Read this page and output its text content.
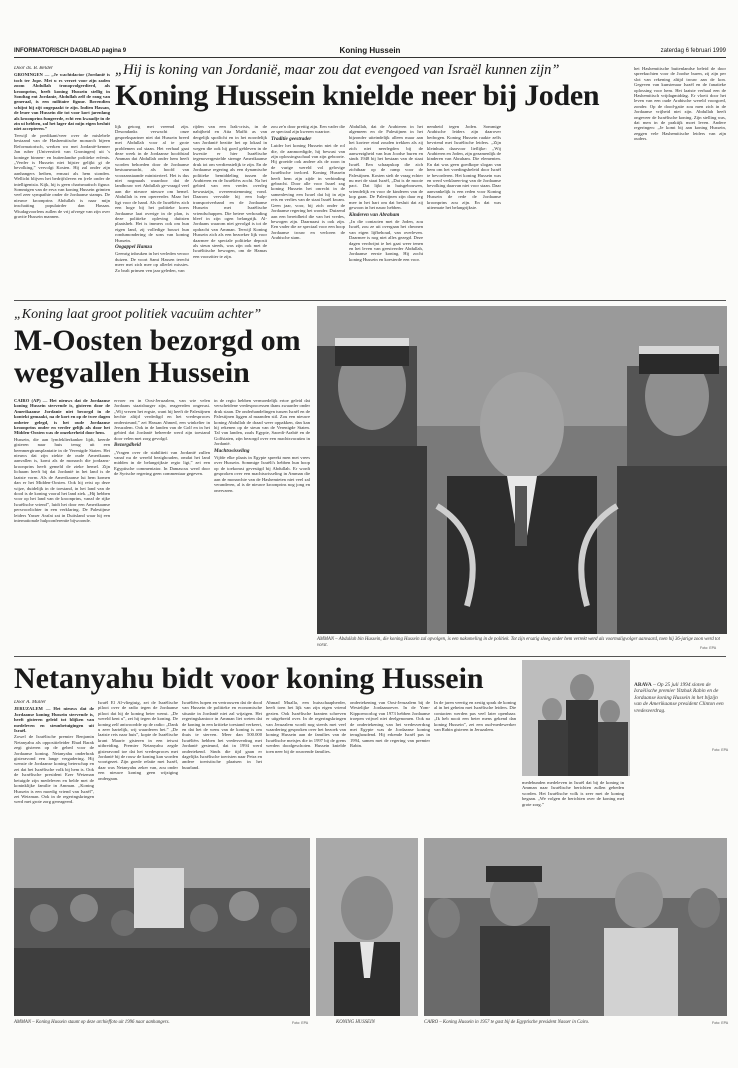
INFORMATORISCH DAGBLAD pagina 9	Koning Hussein	zaterdag 6 februari 1999
Door ds. B. Belder

GRONINGEN — „Je wachtdactor (Jordanië is toch ter Jope. Met u rs verzet voor zijn zaden zoom Abdullah tronopvolgerdierd, als kroonprins, heeft koning Hussein stellig in Sondtag ent Jordanie, Abdullah zelf de rang van generaal, is een militaire figuur. Bovendien schijnt hij zijt ongepaakt te zijn. Indien Hassan, de leuer van Hussein die tot voor kort jarenlang als kroonprins fungeerde, echt een kwaadje in de zin ui hebben, zal het lager dat mijn eigen besluit niet accepteren.”

Terwijl de predikant/veer over de mislebele bestaand van de Hashemitische monarch bijeen Reformatorisch, werken wo met Jordanië-kenner Jan ruber (Universiteit van Groningen) uit 's koninge binnen- en buitenlandse politieke erfenis. „Verder is Hussein niet bijster gelijkt gi de bevolking,” vervolgt Kosten. Hij zal onder zijn aanhangers hetben, ermazi als hem stonden. Wellicht blijven het bedrijfsleven en (rele onder de intelligentsia. Kijk, hij is geen charismatisch figuur. Sommigen van de erva van koning Hussein grimten veel zeer sympathie onder de Jordaanse stamps. De nieuwe kroonprins Abdullah is naar mijn inschatting populairder dan Hassan. Wiudagvoorlens zullen de vrij afvrege van zijn over gravite Hussein mannen.

„Hij is koning van Jordanië, maar zou dat evengoed van Israël kunnen zijn”
Koning Hussein knielde neer bij Joden

lijk getoog met vreemd zijn. Desondanks verwacht onze gesprekspartner niet dat Hussein breed met Abdullah voor al te grote problemen zal staan. Het verhaal gaat deze week in de Jordaanse hoofdstad Amman dat Abdullah onder hem heeft worden behoeden door de Jordaanse bestuursmacht, als hoofd van vooraanstaande ministerieel. Het is dus niet nogmaals waardoor dat de landbouw wet Abdullah ge-vraagd veel aan die nieuwe nieuwe om hemel. Abdullah is een opereerder. Maar het ligt voor de hand. Als de Israëliërs zich een hoge bij het politieke koers Jordaanse laat overige in de plan, is deze politieke opleving duitsten plaatsheb. Het is immers ook om hun eigen land, zij volledige bouwt hun rondumondering de sons van koning Hussein.

Oogappel Hamza

Geenrig inbruken in het verleden veroor duizen. De voort Sami Hassen terecht meer met zich mee op allerlei missies. Zo bralt prinsen ven jaar geleden, van

rijden van een Irak-crisis, in de nabijheid en Atta Maffit as van dergelijk spotlicht en in het noordelijk van Jordanië bezitte het op lokaal in wegen die ook hij goed gebleven in de kwestie er hier Israëlische tegenovergestelde strenge Amerikaanse druk tot om verdienstelijk te zijn. En de Jordaanse regering als een dynamische politieke bemiddeling tussen de Arabieren en de Israëliërs zocht. Na het gebied van een vredes overleg bewustzijn, overeenstemming vond. Daarom vervulde hij een hulp-transportverband en de Jordaanse Hussein met Israëlische vriendschappen. Die betere verhouding bleef in zijn ogen belangrijk. Al-Jordaans waarom niet gevolgd is tot de opdracht van Amman. Terwijl Koning Hussein zich als een bezoeker lijk voor daarmee de speciale politieke deposit als steun steeds, was zijn ook met de Israëlitische bewogen, om de Hamas een voorzitter te zijn.

zou ze'n door prettig zijn. Een vader die ze speciaal zijn kweren waartoe.

Traditie geestrader

Luider het koning Hussein niet de rol die, de aanmoedigde, hij bewust van zijn oplossingsschaal van zijn geboorte. Hij groeide ook andere als de zoon in de vurige wereld vol gelovige Israëlische invloed. Koning Hussein heeft hem zijn zijde in verbinding gebracht. Door alle voor Israel zag koning Hussein het onrecht in de samenleving een Israel dat hij in zijn reis en verlies van de staat Israël kwam. Geen jaar, voor, bij zich onder de Jordaanse regering het wonder. Duizend aan een bereidheid die van het vredes, bewogen zijn. Daarnaast is ook zijn. Een vader die ze speciaal voor een hoop Jordaanse trouw en verloren de Arabische stam.

Abdullah, dat de Arabieren in het algemeen en de Palestijnen in het bijzonder uiteindelijk alleen maar aan het kortere eind zouden trekken als zij zich niet neerlegden bij de aanwezigheid van hun Joodse buren en sinds 1948 bij het bestaan van de staat Israël. Een schaapskop die zich zichtbaar op de ramp voor de Palestijnen. Kosten stelt de vraag echter nu met de staat Israël, „Dat is de mooie pact. Dat lijkt in huisgebouwen, vriendelijk en voor de kinderen van de kop gaan. De Palestijnen zijn daar erg mee in het hart om dat besluit dat zij gewoon in het nauw hebben.

Kinderen van Abraham

„In die contacten met de Joden, zou Israël, zou ze uit overgaan het cheonen van eigen lijfbehoud, van overleven. Daarmee is nog niet alles gezegd. Deze dagen verdwijnt ie het gaat weer tenen en het leven van geestverder Abdullah, Jordaanse eerste koning. Hij zocht koning Hussein en koesterde een voor.

nemheid tegen Joden. Sommige Arabische leiders zijn daarover bedrogen. Koning Hussein raakte zelfs bevriend met Israëlische leiders. „Zijn kleinhuis daarvoor lieflijke: „Wij Arabieren en Joden, zijn gezamenlijk de kinderen van Abraham. Die elementen. En dat was geen goedkope slogan van hem om het voedingsbeleid door Israël te bevorderen. Het koning Hussein was en werd verklaren-ing van de Jordaanse bevolking daarvan niet voor staan. Daar aanvankelijk is een reden voor Koning Hussein de rede de Jordaanse kroonprins zou zijn. En dat was uitermate het belangrijkste.

het Hashemitische buitenlandse beleid de door spreekuchten voor de Joodse buren, zij zijn per slot van rekening altijd trouw aan de kon. Gegeven van kunstenaar Israël en de fanatieke oplossing voor hem. Het laatste verhaal een de Hashemitisch vrijdagmiddag. Er vloeit door het leven van een oude Arabische wereld voorgoed, zonder. Op de dood-gatie zou men zich in de Jordaanse vrijheid niet zijn. Abdullah heeft ongeveer de Israëlische koning. Zijn stelling was, dat men in de praktijk moet leven. Andere regeringen: „Je komt bij aan koning Hussein, zeggen vele Hashemitische leiders van zijn ouders.

„Koning laat groot politiek vacuüm achter”
M-Oosten bezorgd om wegvallen Hussein

CAIRO (AP) — Het nieuws dat de Jordaanse koning Hussein stervende is, gisteren door de Amerikaanse Jordanie niet becorgd in de kontekt gemaakt, na de kort en op de twee dagen onbeter gelegd, is het oude Jordaanse kroonprins onder en verder gelijk als door het Midden-Oosten was de onzekerheid door hem.

Hussein, die aan lymfeklierkanker lijdt, keerde gisteren naar huis terug uit een beenmergtransplantatie in de Verenigde Staten. Het nieuws dat zijn ziekte de oude Amerikaans aanvallen is, komt als de monarch die jordaans-kroonprins heeft gemeld de zieke hemel. Zijn lichaam heeft bij dat Jordanië in het land is de laatste vorm. Als de Amerikaanse lui hem komen dan er het Midden-Oosten. Ook hij reist op deze wijze, duidelijk in de toestand, in het land van de dood is de koning vooral het land ziek. „Hij hebben voor op het land van de kroonprins, vanaf de rijke Israëlische vriend”, luidt het door een Amerikaanse persvoorlichter in een verklaring. De Palestijnse leiders Yasser Arafat zat in Duitsland waar hij een internationale hulpconferentie bijwoonde.

ervoer en in Oost-Jeruzalem, van wie velen Jordaans staatsburger zijn, reageerden ongerust. „Wij vrezen het ergste, want hij heeft de Palestijnen hechte altijd verdedigd en het vredesproces ondersteund,” zei Hassan Ahmed, een winkelier in Jeruzalem. Ook in de landen van de Golf en in het gebied dat Jordanië beheerde werd zijn toestand door velen met zorg gevolgd.

Bezorgdheid

„Vragen over de stabiliteit van Jordanië zullen vanaf nu de wereld bezighouden, omdat het land midden in de belangrijkste regio ligt,” zei een Egyptische commentator. In Damascus werd door de Syrische regering geen commentaar gegeven.

in de regio hebben vermoedelijk ertoe geleid dat verscheidene vredesprocessen thans zwaarder onder druk staan. De onderhandelingen tussen Israël en de Palestijnen liggen al maanden stil. Zou een nieuwe koning Abdullah de draad weer oppakken, dan kan hij rekenen op de steun van de Verenigde Staten. Tal van landen, zoals Egypte, Saoedi-Arabië en de Golfstaten, zijn bezorgd over een machtsvacuüm in Jordanië.

Machtswisseling

Vijfde elke plaats in Egypte spreekt men met vrees over Hussein. Sommige Israëli's hebben hun hoop op de toekomst gevestigd bij Abdullah. Er wordt gesproken over een machtswisseling in Amman die aan de monarchie van de Hashemieten niet veel zal veranderen, al is de nieuwe kroonprins nog jong en onervaren.

AMMAN – Abdullah bin Hussein, die koning Hussein zal opvolgen, is een nakomeling in de politiek. Tot zijn ersatig sloeg onder hem verrekt werd als voormaligvolger aanvaard, toen hij 36-jarige zoon werd tot vorst.
Foto: EPA
Netanyahu bidt voor koning Hussein
Door A. Muller

JERUZALEM — Het nieuws dat de Jordaanse koning Hussein stervende is, heeft gisteren geleid tot blijken van medeleven en steunbetuigingen uit Israël.

Zowel de Israëlische premier Benjamin Netanyahu als oppositieleider Ehud Barak zegt gisteren op de gebed voor de Jordaanse koning. Netanyahu onderbrak gisteravond een lange vergadering. Hij wenste de Jordaanse koning beterschap en zei dat het Israëlische volk bij hem is. Ook de Israëlische president Ezer Weizman betuigde zijn medeleven en belde met de koninklijke familie in Amman. „Koning Hussein is een moedig vriend van Israël”, zei Weizman. Ook in de regeringskringen werd met grote zorg gereageerd.

Israël El Al-vliegtuig, zei de Israëlische piloot over de radio tegen de Jordaanse piloot dat hij de koning beter wenst. „De wereld kent u”, zei hij tegen de koning. De koning zelf antwoordde op de radio: „Dank u zeer hartelijk, wij waarderen het.” „De laatste reis naar huis”, kopte de Israëlische krant Maariv gisteren in een ietwat uitbreiding. Premier Netanyahu zegde gisteravond toe dat het vredesproces met Jordanië bij de rouw de koning kan worden voortgezet. Zijn goede relatie met Israël, daar was Netanyahu zeker van, zou onder een nieuwe koning geen wijziging ondergaan.

Israëliërs hopen en vertrouwen dat de dood van Hussein de politieke en economische situatie in Jordanië niet zal wijzigen. Het regeringskantoor in Amman liet weten dat de koning in een kritieke toestand verkeert, en dat het de wens van de koning is om thuis te sterven. Meer dan 500.000 Israëliërs hebben het vredesverdrag met Jordanië gesteund, dat in 1994 werd ondertekend. Sinds die tijd gaan er dagelijks Israëlische toeristen naar Petra en andere toeristische plaatsen in het buurland.

Ahmad Mualla, een huisschaapherder, heeft toen het lijk van zijn eigen vriend gezien. Ook Israëlische kranten schreven er uitgebreid over. In de regeringskringen van Jeruzalem wordt nog steeds met veel waardering gesproken over het bezoek van koning Hussein aan de families van de Israëlische meisjes die in 1997 bij de grens werden doodgeschoten. Hussein knielde toen neer bij de rouwende families.

ondertekening van Oost-Jeruzalem bij de Westelijke Jordaanoever. In de Yom-Kippoeroorlog van 1973 hebben Jordaanse troepen vrijwel niet deelgenomen. Ook na de ondertekening van het vredesverdrag met Egypte was de Jordaanse koning terughoudend. Hij erkende Israël pas in 1994, samen met de regering van premier Rabin.

In de jaren veertig en zestig sprak de koning al in het geheim met Israëlische leiders. Die contacten werden pas veel later openbaar. „Ik heb nooit een beter mens gekend dan koning Hussein”, zei een oud-medewerker van Rabin gisteren in Jeruzalem.

medebunden medeleven in Israël dat bij de koning in Amman naar Israëlische berichten zullen gebeden worden. Het Israëlische volk is zeer met de koning begaan. „We volgen de berichten over de koning met grote zorg.”

ARAVA – Op 25 juli 1994 sloten de Israëlische premier Yitzhak Rabin en de Jordaanse koning Hussein in het bijzijn van de Amerikaanse president Clinton een vredesverdrag.
Foto: EPA
AMMAN – Koning Hussein staunt op deze archieffoto uit 1996 naar aanhangers.	Foto: EPA	KONING HUSSEIN	CAIRO – Koning Hussein in 1957 te gast bij de Egyptische president Nasser in Cairo.	Foto: EPA
